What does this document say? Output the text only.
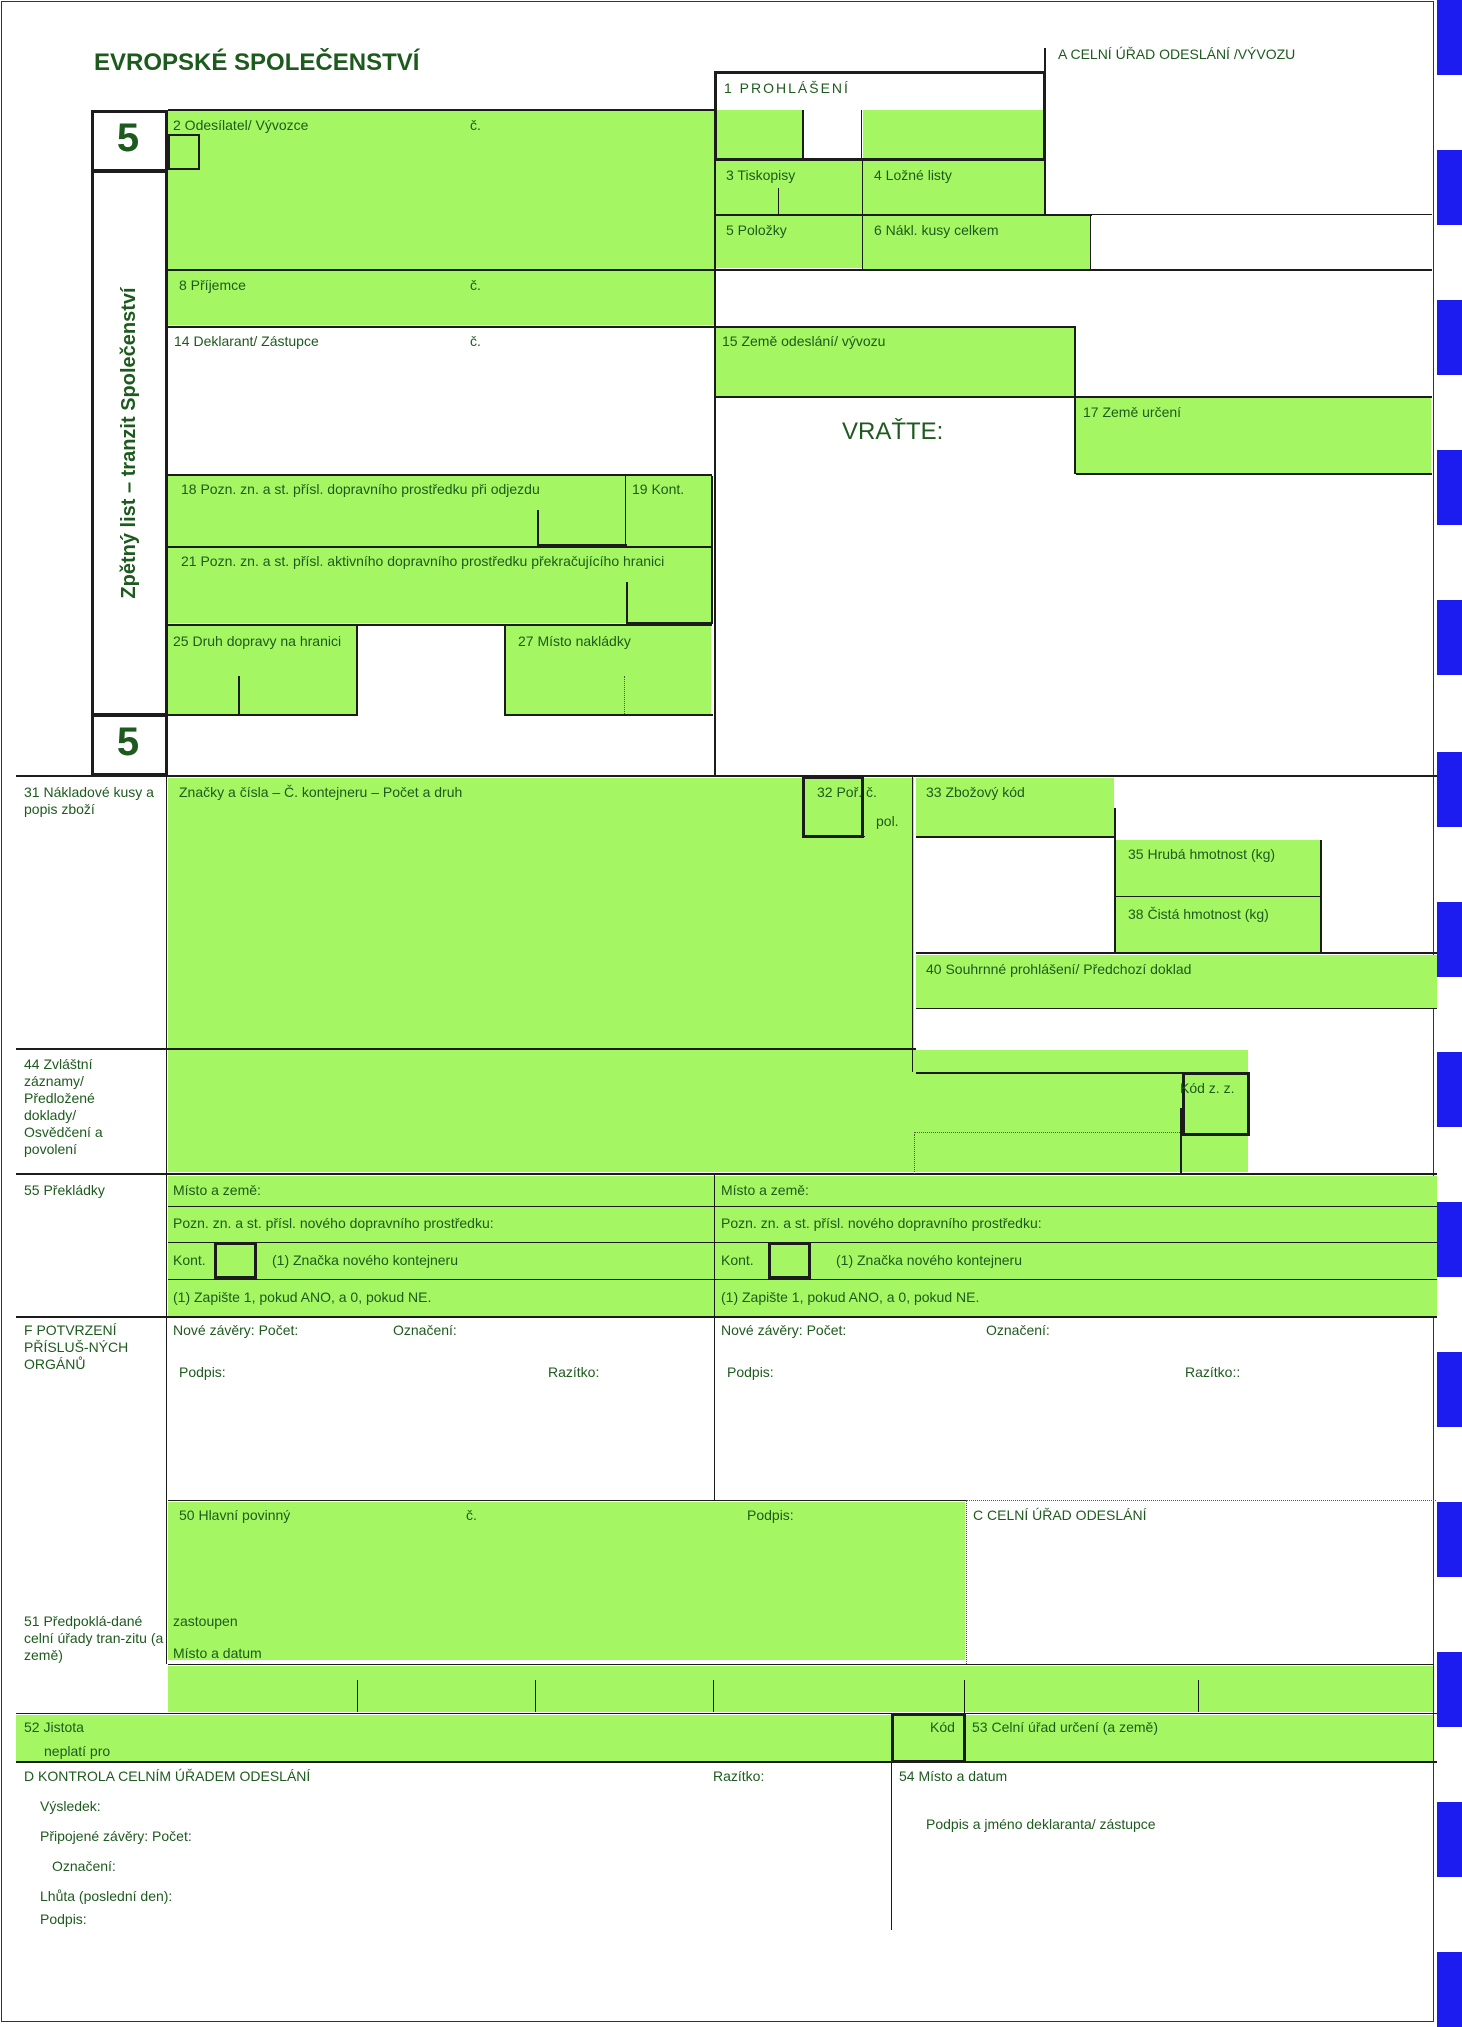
EVROPSKÉ SPOLEČENSTVÍ	A CELNÍ ÚŘAD ODESLÁNÍ /VÝVOZU
1 PROHLÁŠENÍ
5
5
Zpětný list – tranzit Společenství	VRAŤTE:
2 Odesílatel/ Vývozce	č.
3 Tiskopisy	4 Ložné listy
5 Položky	6 Nákl. kusy celkem
8 Příjemce	č.
14 Deklarant/ Zástupce	č.	15 Země odeslání/ vývozu
17 Země určení
18 Pozn. zn. a st. přísl. dopravního prostředku při odjezdu	19 Kont.
21 Pozn. zn. a st. přísl. aktivního dopravního prostředku překračujícího hranici
25 Druh dopravy na hranici	27 Místo nakládky
31 Nákladové kusy a popis zboží
Značky a čísla – Č. kontejneru – Počet a druh	32 Poř. č.
pol.
33 Zbožový kód
35 Hrubá hmotnost (kg)
38 Čistá hmotnost (kg)
40 Souhrnné prohlášení/ Předchozí doklad
44 Zvláštní záznamy/ Předložené doklady/ Osvědčení a povolení
Kód z. z.
55 Překládky	Místo a země:	Místo a země:
Pozn. zn. a st. přísl. nového dopravního prostředku:	Pozn. zn. a st. přísl. nového dopravního prostředku:
Kont.	(1) Značka nového kontejneru	Kont.	(1) Značka nového kontejneru
(1) Zapište 1, pokud ANO, a 0, pokud NE.	(1) Zapište 1, pokud ANO, a 0, pokud NE.
F POTVRZENÍ PŘÍSLUŠ-NÝCH ORGÁNŮ
Nové závěry: Počet:	Označení:	Nové závěry: Počet:	Označení:
Podpis:	Razítko:	Podpis:	Razítko::
50 Hlavní povinný	č.	Podpis:
zastoupen
Místo a datum
C CELNÍ ÚŘAD ODESLÁNÍ
51 Předpoklá-dané celní úřady tran-zitu (a země)
52 Jistota
neplatí pro
Kód 53 Celní úřad určení (a země)
D KONTROLA CELNÍM ÚŘADEM ODESLÁNÍ	Razítko:
Výsledek:
Připojené závěry: Počet:
Označení:
Lhůta (poslední den):
Podpis:
54 Místo a datum
Podpis a jméno deklaranta/ zástupce
